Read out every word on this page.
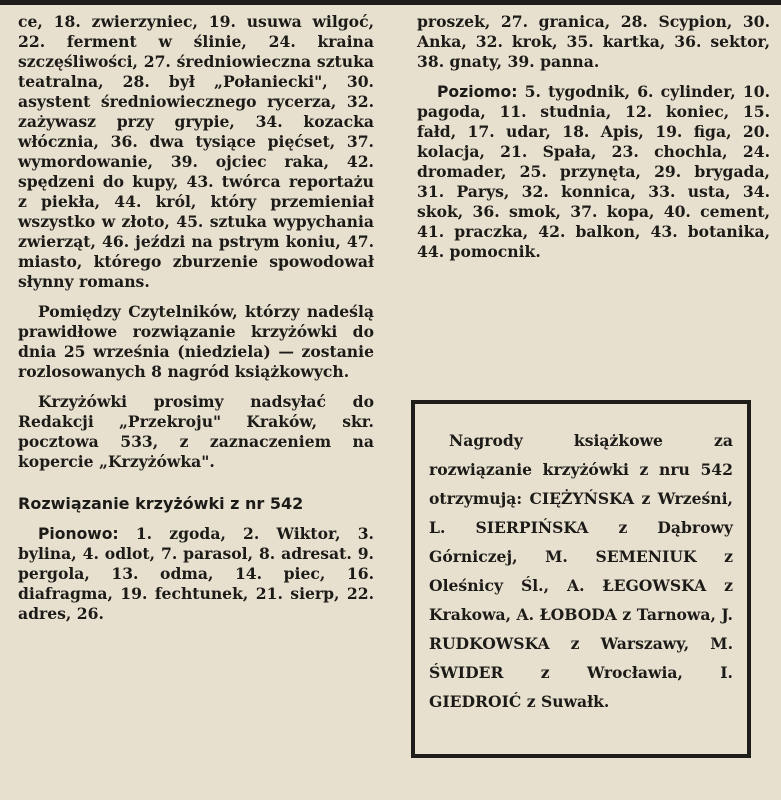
ce, 18. zwierzyniec, 19. usuwa wilgoć, 22. ferment w ślinie, 24. kraina szczęśliwości, 27. średniowieczna sztuka teatralna, 28. był „Połaniecki", 30. asystent średniowiecznego rycerza, 32. zażywasz przy grypie, 34. kozacka włócznia, 36. dwa tysiące pięćset, 37. wymordowanie, 39. ojciec raka, 42. spędzeni do kupy, 43. twórca reportażu z piekła, 44. król, który przemieniał wszystko w złoto, 45. sztuka wypychania zwierząt, 46. jeździ na pstrym koniu, 47. miasto, którego zburzenie spowodował słynny romans.

Pomiędzy Czytelników, którzy nadeślą prawidłowe rozwiązanie krzyżówki do dnia 25 września (niedziela) — zostanie rozlosowanych 8 nagród książkowych.

Krzyżówki prosimy nadsyłać do Redakcji „Przekroju" Kraków, skr. pocztowa 533, z zaznaczeniem na kopercie „Krzyżówka".

Rozwiązanie krzyżówki z nr 542

Pionowo: 1. zgoda, 2. Wiktor, 3. bylina, 4. odlot, 7. parasol, 8. adresat. 9. pergola, 13. odma, 14. piec, 16. diafragma, 19. fechtunek, 21. sierp, 22. adres, 26.

proszek, 27. granica, 28. Scypion, 30. Anka, 32. krok, 35. kartka, 36. sektor, 38. gnaty, 39. panna.

Poziomo: 5. tygodnik, 6. cylinder, 10. pagoda, 11. studnia, 12. koniec, 15. fałd, 17. udar, 18. Apis, 19. figa, 20. kolacja, 21. Spała, 23. chochla, 24. dromader, 25. przynęta, 29. brygada, 31. Parys, 32. konnica, 33. usta, 34. skok, 36. smok, 37. kopa, 40. cement, 41. praczka, 42. balkon, 43. botanika, 44. pomocnik.

Nagrody książkowe za rozwiązanie krzyżówki z nru 542 otrzymują: CIĘŻYŃSKA z Wrześni, L. SIERPIŃSKA z Dąbrowy Górniczej, M. SEMENIUK z Oleśnicy Śl., A. ŁEGOWSKA z Krakowa, A. ŁOBODA z Tarnowa, J. RUDKOWSKA z Warszawy, M. ŚWIDER z Wrocławia, I. GIEDROIĆ z Suwałk.
